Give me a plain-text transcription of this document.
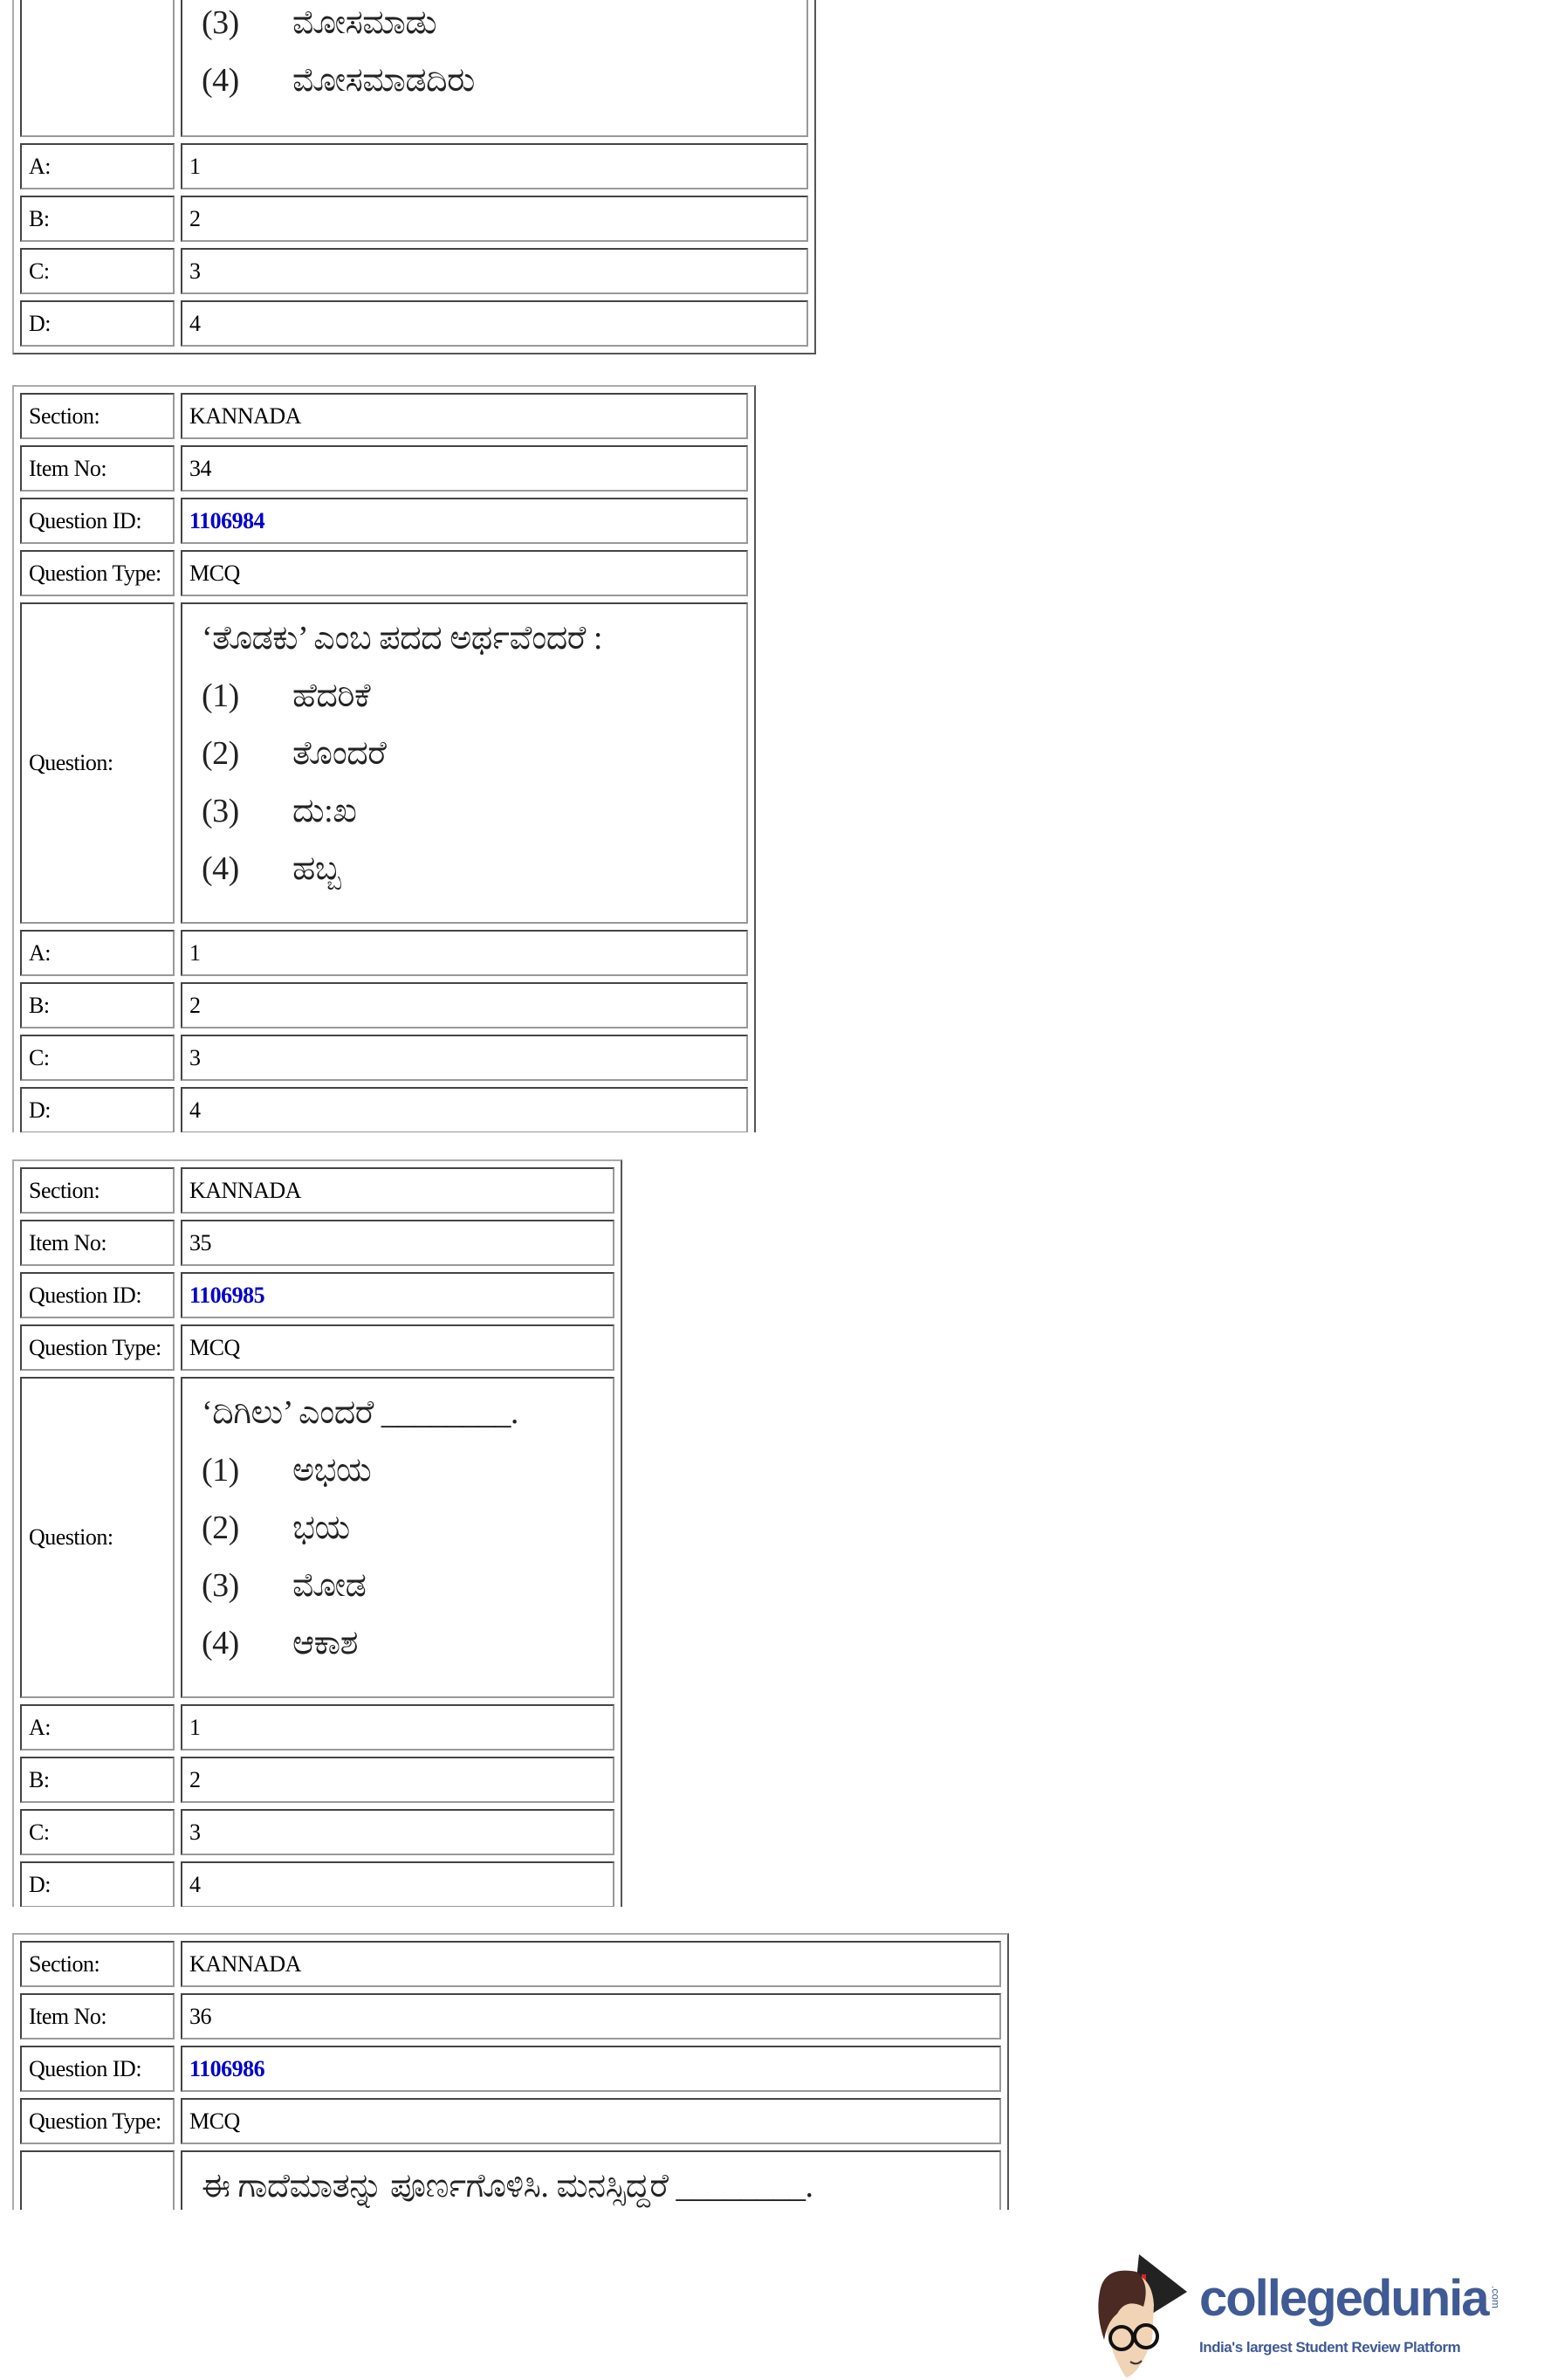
	(3) ಮೋಸಮಾಡು
(4) ಮೋಸಮಾಡದಿರು

A:	1
B:	2
C:	3
D:	4
Section:	KANNADA
Item No:	34
Question ID:	1106984
Question Type:	MCQ
Question:	‘ತೊಡಕು’ ಎಂಬ ಪದದ ಅರ್ಥವೆಂದರೆ :
(1) ಹೆದರಿಕೆ
(2) ತೊಂದರೆ
(3) ದು:ಖ
(4) ಹಬ್ಬ

A:	1
B:	2
C:	3
D:	4
Section:	KANNADA
Item No:	35
Question ID:	1106985
Question Type:	MCQ
Question:	‘ದಿಗಿಲು’ ಎಂದರೆ ________.
(1) ಅಭಯ
(2) ಭಯ
(3) ಮೋಡ
(4) ಆಕಾಶ

A:	1
B:	2
C:	3
D:	4
Section:	KANNADA
Item No:	36
Question ID:	1106986
Question Type:	MCQ

	ಈ ಗಾದೆಮಾತನ್ನು ಪೂರ್ಣಗೊಳಿಸಿ. ಮನಸ್ಸಿದ್ದರೆ ________.
collegedunia .com
India's largest Student Review Platform
